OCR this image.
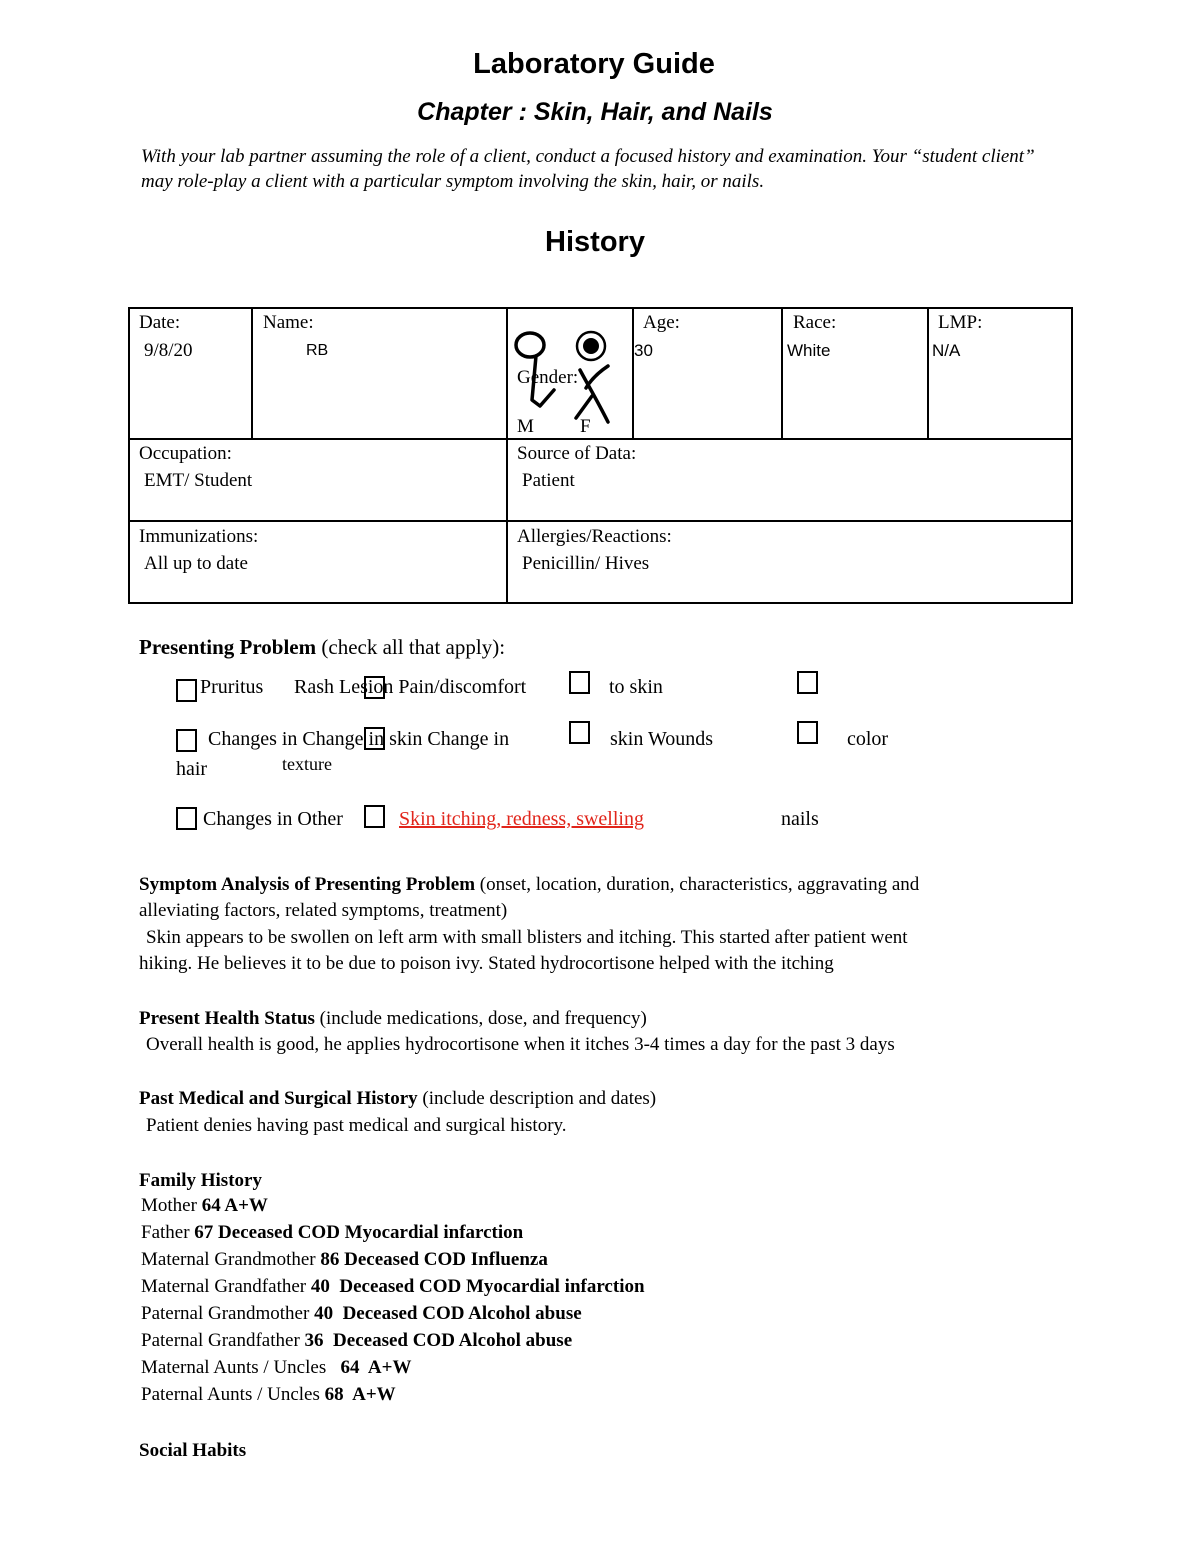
Laboratory Guide
Chapter : Skin, Hair, and Nails
With your lab partner assuming the role of a client, conduct a focused history and examination. Your “student client” may role-play a client with a particular symptom involving the skin, hair, or nails.
History
Date:
9/8/20
Name:
RB
Gender:
M F
Age:
30
Race:
White
LMP:
N/A
Occupation:
EMT/ Student
Source of Data:
Patient
Immunizations:
All up to date
Allergies/Reactions:
Penicillin/ Hives
Presenting Problem (check all that apply):
Pruritus Rash Lesion Pain/discomfort	to skin
Changes in Change in skin Change in	skin Wounds	color
hair	texture
Changes in Other	Skin itching, redness, swelling	nails
Symptom Analysis of Presenting Problem (onset, location, duration, characteristics, aggravating and
alleviating factors, related symptoms, treatment)
Skin appears to be swollen on left arm with small blisters and itching. This started after patient went
hiking. He believes it to be due to poison ivy. Stated hydrocortisone helped with the itching
Present Health Status (include medications, dose, and frequency)
Overall health is good, he applies hydrocortisone when it itches 3-4 times a day for the past 3 days
Past Medical and Surgical History (include description and dates)
Patient denies having past medical and surgical history.
Family History
Mother 64 A+W
Father 67 Deceased COD Myocardial infarction
Maternal Grandmother 86 Deceased COD Influenza
Maternal Grandfather 40  Deceased COD Myocardial infarction
Paternal Grandmother 40  Deceased COD Alcohol abuse
Paternal Grandfather 36  Deceased COD Alcohol abuse
Maternal Aunts / Uncles   64  A+W
Paternal Aunts / Uncles 68  A+W
Social Habits
